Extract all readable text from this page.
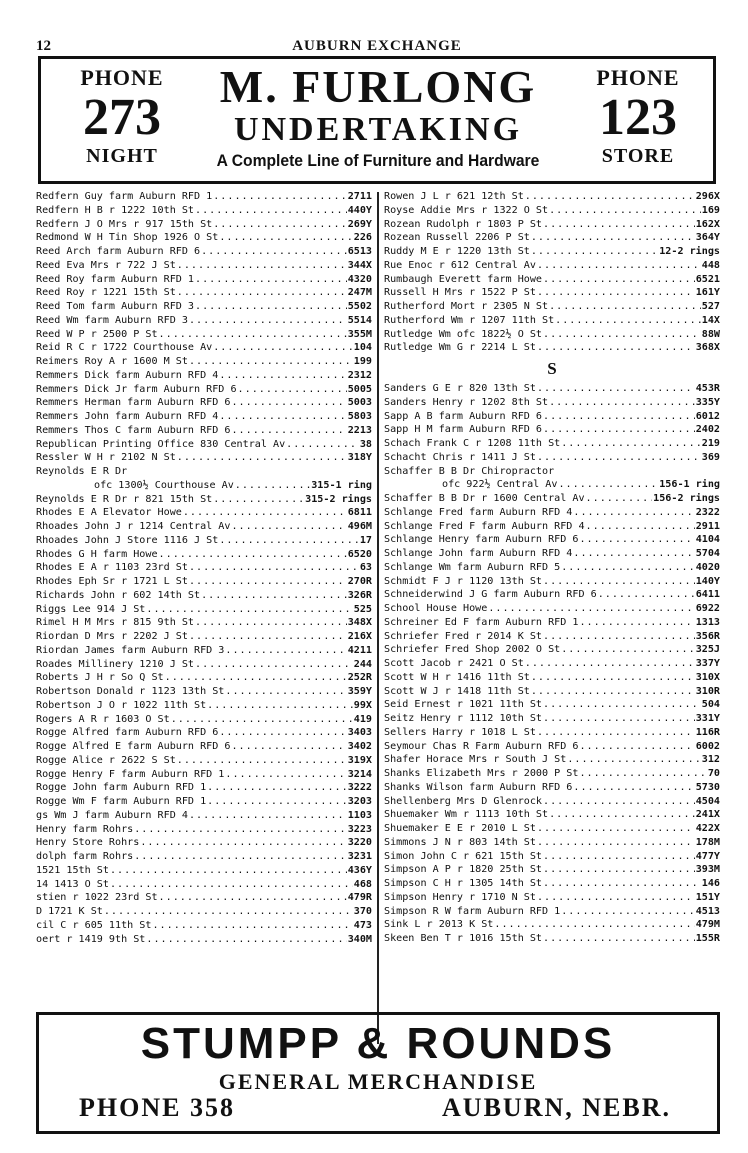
12	AUBURN EXCHANGE
PHONE
273
NIGHT
M. FURLONG
UNDERTAKING
A Complete Line of Furniture and Hardware
PHONE
123
STORE
Redfern Guy farm Auburn RFD 1 .....	2711
Redfern H B r 1222 10th St .....	440Y
Redfern J O Mrs r 917 15th St .....	269Y
Redmond W H Tin Shop 1926 O St .....	226
Reed Arch farm Auburn RFD 6 .....	6513
Reed Eva Mrs r 722 J St .....	344X
Reed Roy farm Auburn RFD 1 .....	4320
Reed Roy r 1221 15th St .....	247M
Reed Tom farm Auburn RFD 3 .....	5502
Reed Wm farm Auburn RFD 3 .....	5514
Reed W P r 2500 P St .....	355M
Reid R C r 1722 Courthouse Av .....	104
Reimers Roy A r 1600 M St .....	199
Remmers Dick farm Auburn RFD 4 .....	2312
Remmers Dick Jr farm Auburn RFD 6 .....	5005
Remmers Herman farm Auburn RFD 6 .....	5003
Remmers John farm Auburn RFD 4 .....	5803
Remmers Thos C farm Auburn RFD 6 .....	2213
Republican Printing Office 830 Central Av .....	38
Ressler W H r 2102 N St .....	318Y
Reynolds E R Dr
ofc 1300½ Courthouse Av .....	315-1 ring
Reynolds E R Dr r 821 15th St .....	315-2 rings
Rhodes E A Elevator Howe .....	6811
Rhoades John J r 1214 Central Av .....	496M
Rhoades John J Store 1116 J St .....	17
Rhodes G H farm Howe .....	6520
Rhodes E A r 1103 23rd St .....	63
Rhodes Eph Sr r 1721 L St .....	270R
Richards John r 602 14th St .....	326R
Riggs Lee 914 J St .....	525
Rimel H M Mrs r 815 9th St .....	348X
Riordan D Mrs r 2202 J St .....	216X
Riordan James farm Auburn RFD 3 .....	4211
Roades Millinery 1210 J St .....	244
Roberts J H r So Q St .....	252R
Robertson Donald r 1123 13th St .....	359Y
Robertson J O r 1022 11th St .....	99X
Rogers A R r 1603 O St .....	419
Rogge Alfred farm Auburn RFD 6 .....	3403
Rogge Alfred E farm Auburn RFD 6 .....	3402
Rogge Alice r 2622 S St .....	319X
Rogge Henry F farm Auburn RFD 1 .....	3214
Rogge John farm Auburn RFD 1 .....	3222
Rogge Wm F farm Auburn RFD 1 .....	3203
gs Wm J farm Auburn RFD 4 .....	1103
Henry farm Rohrs .....	3223
Henry Store Rohrs .....	3220
dolph farm Rohrs .....	3231
1521 15th St .....	436Y
14 1413 O St .....	468
stien r 1022 23rd St .....	479R
D 1721 K St .....	370
cil C r 605 11th St .....	473
oert r 1419 9th St .....	340M
Rowen J L r 621 12th St .....	296X
Royse Addie Mrs r 1322 O St .....	169
Rozean Rudolph r 1803 P St .....	162X
Rozean Russell 2206 P St .....	364Y
Ruddy M E r 1220 13th St .....	12-2 rings
Rue Enoc r 612 Central Av .....	448
Rumbaugh Everett farm Howe .....	6521
Russell H Mrs r 1522 P St .....	161Y
Rutherford Mort r 2305 N St .....	527
Rutherford Wm r 1207 11th St .....	14X
Rutledge Wm ofc 1822½ O St .....	88W
Rutledge Wm G r 2214 L St .....	368X
S
Sanders G E r 820 13th St .....	453R
Sanders Henry r 1202 8th St .....	335Y
Sapp A B farm Auburn RFD 6 .....	6012
Sapp H M farm Auburn RFD 6 .....	2402
Schach Frank C r 1208 11th St .....	219
Schacht Chris r 1411 J St .....	369
Schaffer B B Dr Chiropractor
ofc 922½ Central Av .....	156-1 ring
Schaffer B B Dr r 1600 Central Av .....	156-2 rings
Schlange Fred farm Auburn RFD 4 .....	2322
Schlange Fred F farm Auburn RFD 4 .....	2911
Schlange Henry farm Auburn RFD 6 .....	4104
Schlange John farm Auburn RFD 4 .....	5704
Schlange Wm farm Auburn RFD 5 .....	4020
Schmidt F J r 1120 13th St .....	140Y
Schneiderwind J G farm Auburn RFD 6 .....	6411
School House Howe .....	6922
Schreiner Ed F farm Auburn RFD 1 .....	1313
Schriefer Fred r 2014 K St .....	356R
Schriefer Fred Shop 2002 O St .....	325J
Scott Jacob r 2421 O St .....	337Y
Scott W H r 1416 11th St .....	310X
Scott W J r 1418 11th St .....	310R
Seid Ernest r 1021 11th St .....	504
Seitz Henry r 1112 10th St .....	331Y
Sellers Harry r 1018 L St .....	116R
Seymour Chas R Farm Auburn RFD 6 .....	6002
Shafer Horace Mrs r South J St .....	312
Shanks Elizabeth Mrs r 2000 P St .....	70
Shanks Wilson farm Auburn RFD 6 .....	5730
Shellenberg Mrs D Glenrock .....	4504
Shuemaker Wm r 1113 10th St .....	241X
Shuemaker E E r 2010 L St .....	422X
Simmons J N r 803 14th St .....	178M
Simon John C r 621 15th St .....	477Y
Simpson A P r 1820 25th St .....	393M
Simpson C H r 1305 14th St .....	146
Simpson Henry r 1710 N St .....	151Y
Simpson R W farm Auburn RFD 1 .....	4513
Sink L r 2013 K St .....	479M
Skeen Ben T r 1016 15th St .....	155R
STUMPP & ROUNDS
GENERAL MERCHANDISE
PHONE 358	AUBURN, NEBR.
